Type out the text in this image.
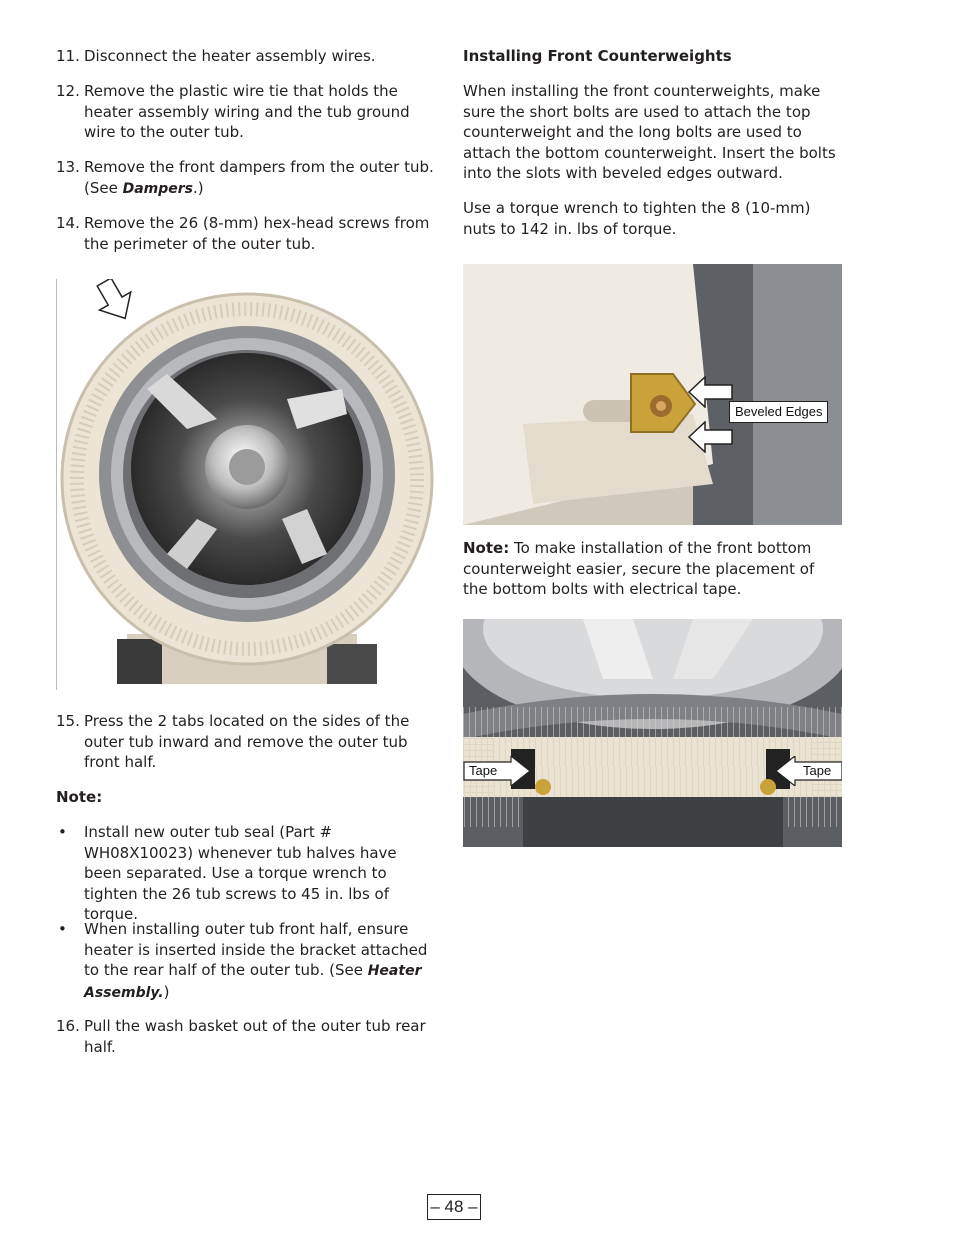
11. Disconnect the heater assembly wires.
12. Remove the plastic wire tie that holds the heater assembly wiring and the tub ground wire to the outer tub.
13. Remove the front dampers from the outer tub. (See Dampers.)
14. Remove the 26 (8-mm) hex-head screws from the perimeter of the outer tub.
15. Press the 2 tabs located on the sides of the outer tub inward and remove the outer tub front half.
Note:
• Install new outer tub seal (Part # WH08X10023) whenever tub halves have been separated. Use a torque wrench to tighten the 26 tub screws to 45 in. lbs of torque.
• When installing outer tub front half, ensure heater is inserted inside the bracket attached to the rear half of the outer tub. (See Heater Assembly.)
16. Pull the wash basket out of the outer tub rear half.
Installing Front Counterweights
When installing the front counterweights, make sure the short bolts are used to attach the top counterweight and the long bolts are used to attach the bottom counterweight. Insert the bolts into the slots with beveled edges outward.
Use a torque wrench to tighten the 8 (10-mm) nuts to 142 in. lbs of torque.
Beveled Edges
Note: To make installation of the front bottom counterweight easier, secure the placement of the bottom bolts with electrical tape.
Tape	Tape
– 48 –
